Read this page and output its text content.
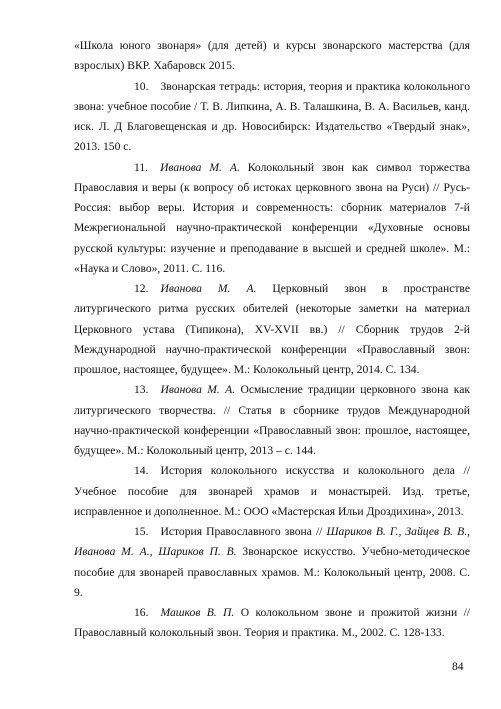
«Школа юного звонаря» (для детей) и курсы звонарского мастерства (для взрослых) ВКР. Хабаровск 2015.

10. Звонарская тетрадь: история, теория и практика колокольного звона: учебное пособие / Т. В. Липкина, А. В. Талашкина, В. А. Васильев, канд. иск. Л. Д Благовещенская и др. Новосибирск: Издательство «Твердый знак», 2013. 150 с.

11. Иванова М. А. Колокольный звон как символ торжества Православия и веры (к вопросу об истоках церковного звона на Руси) // Русь-Россия: выбор веры. История и современность: сборник материалов 7-й Межрегиональной научно-практической конференции «Духовные основы русской культуры: изучение и преподавание в высшей и средней школе». М.: «Наука и Слово», 2011. С. 116.

12. Иванова М. А. Церковный звон в пространстве литургического ритма русских обителей (некоторые заметки на материал Церковного устава (Типикона), XV-XVII вв.) // Сборник трудов 2-й Международной научно-практической конференции «Православный звон: прошлое, настоящее, будущее». М.: Колокольный центр, 2014. С. 134.

13. Иванова М. А. Осмысление традиции церковного звона как литургического творчества. // Статья в сборнике трудов Международной научно-практической конференции «Православный звон: прошлое, настоящее, будущее». М.: Колокольный центр, 2013 – с. 144.

14. История колокольного искусства и колокольного дела // Учебное пособие для звонарей храмов и монастырей. Изд. третье, исправленное и дополненное. М.: ООО «Мастерская Ильи Дроздихина», 2013.

15. История Православного звона // Шариков В. Г., Зайцев В. В., Иванова М. А., Шариков П. В. Звонарское искусство. Учебно-методическое пособие для звонарей православных храмов. М.: Колокольный центр, 2008. С. 9.

16. Машков В. П. О колокольном звоне и прожитой жизни // Православный колокольный звон. Теория и практика. М., 2002. С. 128-133.

84
